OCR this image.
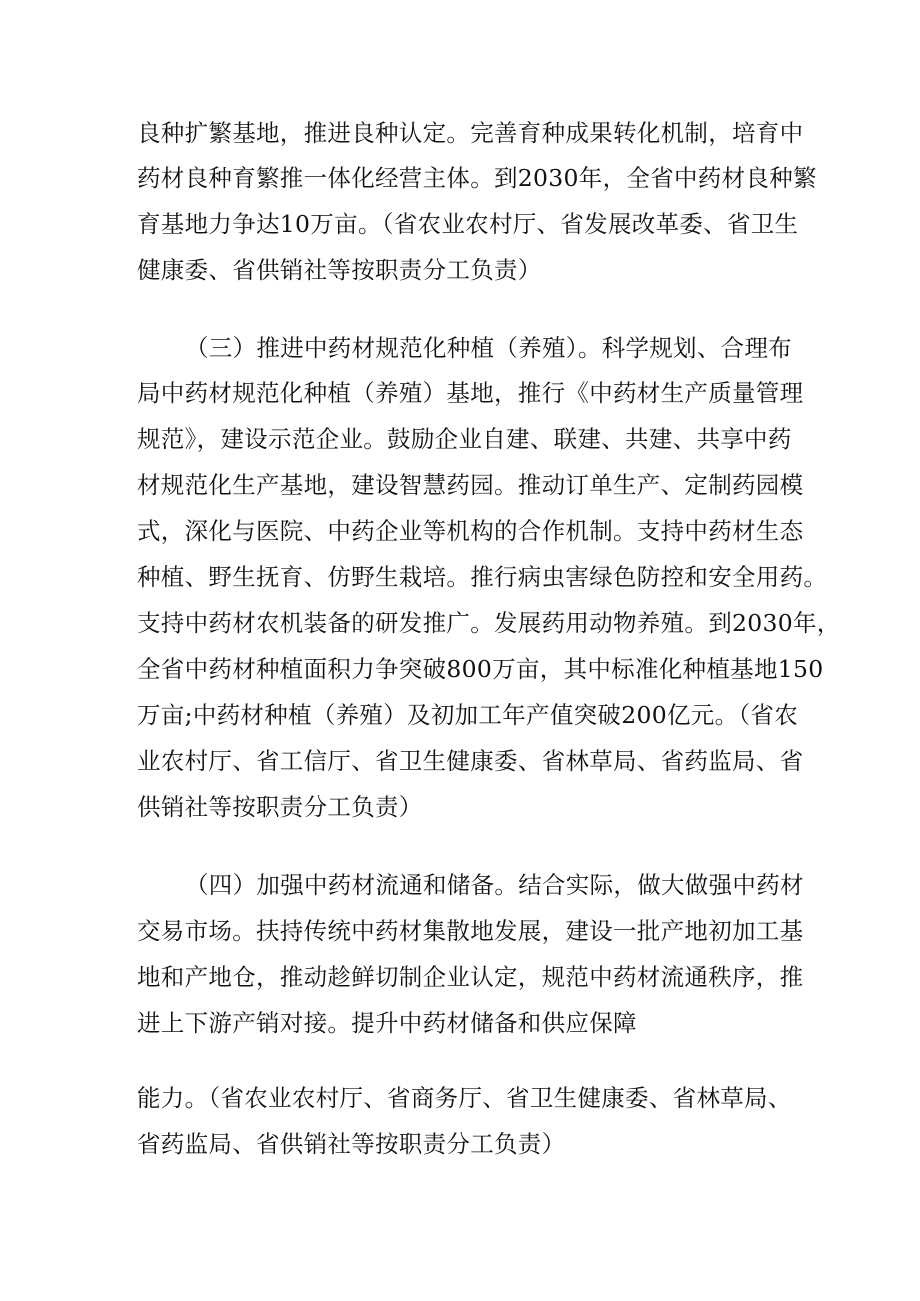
良种扩繁基地，推进良种认定。完善育种成果转化机制，培育中
药材良种育繁推一体化经营主体。到2030年，全省中药材良种繁
育基地力争达10万亩。（省农业农村厅、省发展改革委、省卫生
健康委、省供销社等按职责分工负责）
（三）推进中药材规范化种植（养殖）。科学规划、合理布
局中药材规范化种植（养殖）基地，推行《中药材生产质量管理
规范》，建设示范企业。鼓励企业自建、联建、共建、共享中药
材规范化生产基地，建设智慧药园。推动订单生产、定制药园模
式，深化与医院、中药企业等机构的合作机制。支持中药材生态
种植、野生抚育、仿野生栽培。推行病虫害绿色防控和安全用药。
支持中药材农机装备的研发推广。发展药用动物养殖。到2030年，
全省中药材种植面积力争突破800万亩，其中标准化种植基地150
万亩;中药材种植（养殖）及初加工年产值突破200亿元。（省农
业农村厅、省工信厅、省卫生健康委、省林草局、省药监局、省
供销社等按职责分工负责）
（四）加强中药材流通和储备。结合实际，做大做强中药材
交易市场。扶持传统中药材集散地发展，建设一批产地初加工基
地和产地仓，推动趁鲜切制企业认定，规范中药材流通秩序，推
进上下游产销对接。提升中药材储备和供应保障
能力。（省农业农村厅、省商务厅、省卫生健康委、省林草局、
省药监局、省供销社等按职责分工负责）
